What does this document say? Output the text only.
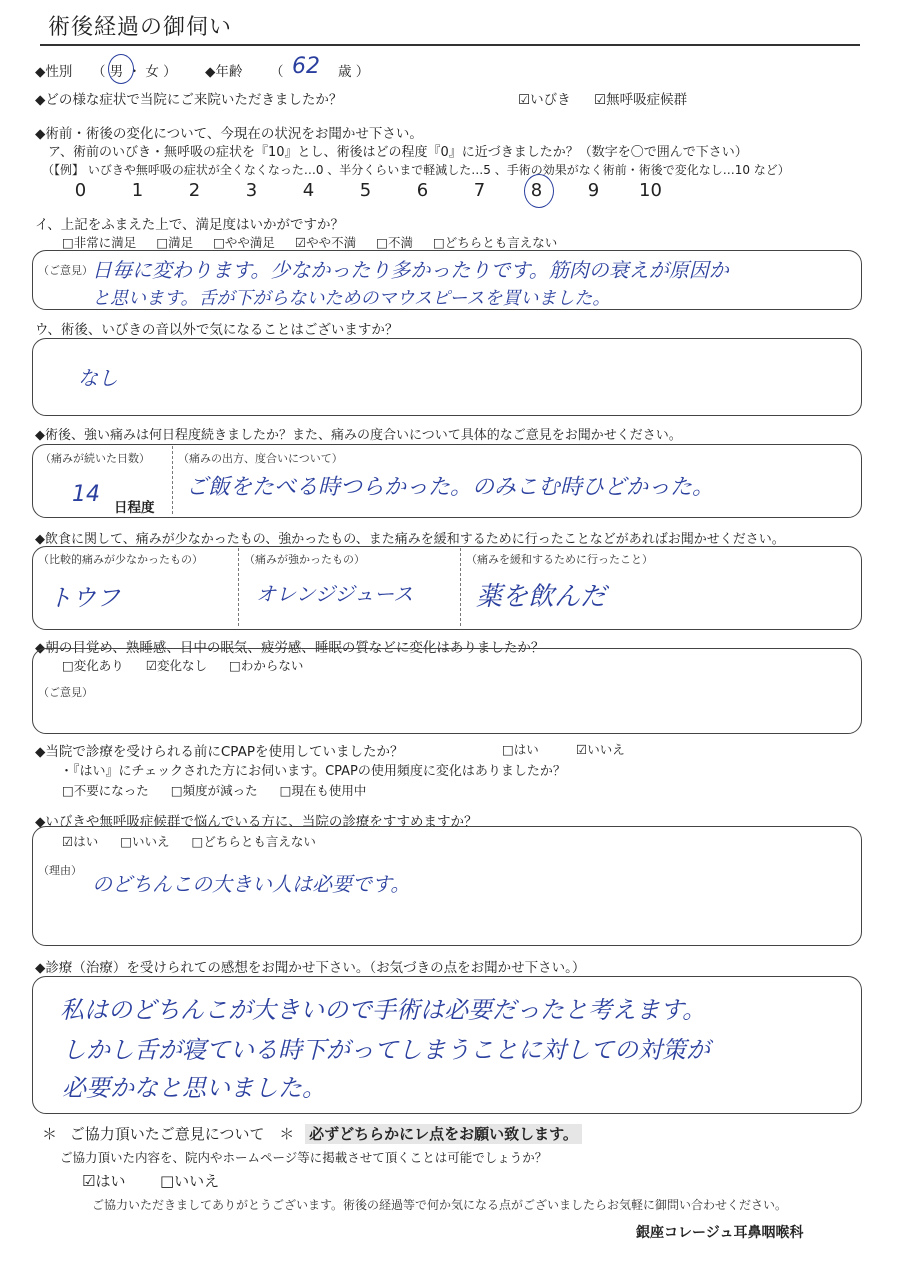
術後経過の御伺い
◆性別 （ 男 ・ 女 ） ◆年齢 （ 62 歳 ）
◆どの様な症状で当院にご来院いただきましたか？	☑いびき ☑無呼吸症候群
◆術前・術後の変化について、今現在の状況をお聞かせ下さい。
ア、術前のいびき・無呼吸の症状を『10』とし、術後はどの程度『0』に近づきましたか？（数字を〇で囲んで下さい）
（【例】 いびきや無呼吸の症状が全くなくなった…0 、半分くらいまで軽減した…5 、手術の効果がなく術前・術後で変化なし…10 など）
0	1	2	3	4	5	6	7	8	9 10
イ、上記をふまえた上で、満足度はいかがですか？
□非常に満足 □満足 □やや満足 ☑やや不満 □不満 □どちらとも言えない
（ご意見） 日毎に変わります。少なかったり多かったりです。筋肉の衰えが原因か
と思います。舌が下がらないためのマウスピースを買いました。
ウ、術後、いびきの音以外で気になることはございますか？
なし
◆術後、強い痛みは何日程度続きましたか？また、痛みの度合いについて具体的なご意見をお聞かせください。
（痛みが続いた日数）
14
日程度
（痛みの出方、度合いについて）
ご飯をたべる時つらかった。のみこむ時ひどかった。
◆飲食に関して、痛みが少なかったもの、強かったもの、また痛みを緩和するために行ったことなどがあればお聞かせください。
（比較的痛みが少なかったもの）
トウフ
（痛みが強かったもの）
オレンジジュース
（痛みを緩和するために行ったこと）
薬を飲んだ
◆朝の目覚め、熟睡感、日中の眠気、疲労感、睡眠の質などに変化はありましたか？
□変化あり ☑変化なし □わからない
（ご意見）
◆当院で診療を受けられる前にCPAPを使用していましたか？	□はい	☑いいえ
・『はい』にチェックされた方にお伺います。CPAPの使用頻度に変化はありましたか？
□不要になった □頻度が減った □現在も使用中
◆いびきや無呼吸症候群で悩んでいる方に、当院の診療をすすめますか？
☑はい □いいえ □どちらとも言えない
（理由）
のどちんこの大きい人は必要です。
◆診療（治療）を受けられての感想をお聞かせ下さい。（お気づきの点をお聞かせ下さい。）
私はのどちんこが大きいので手術は必要だったと考えます。
しかし舌が寝ている時下がってしまうことに対しての対策が
必要かなと思いました。
＊ ご協力頂いたご意見について ＊ 必ずどちらかにレ点をお願い致します。
ご協力頂いた内容を、院内やホームページ等に掲載させて頂くことは可能でしょうか？
☑はい □いいえ
ご協力いただきましてありがとうございます。術後の経過等で何か気になる点がございましたらお気軽に御問い合わせください。
銀座コレージュ耳鼻咽喉科
